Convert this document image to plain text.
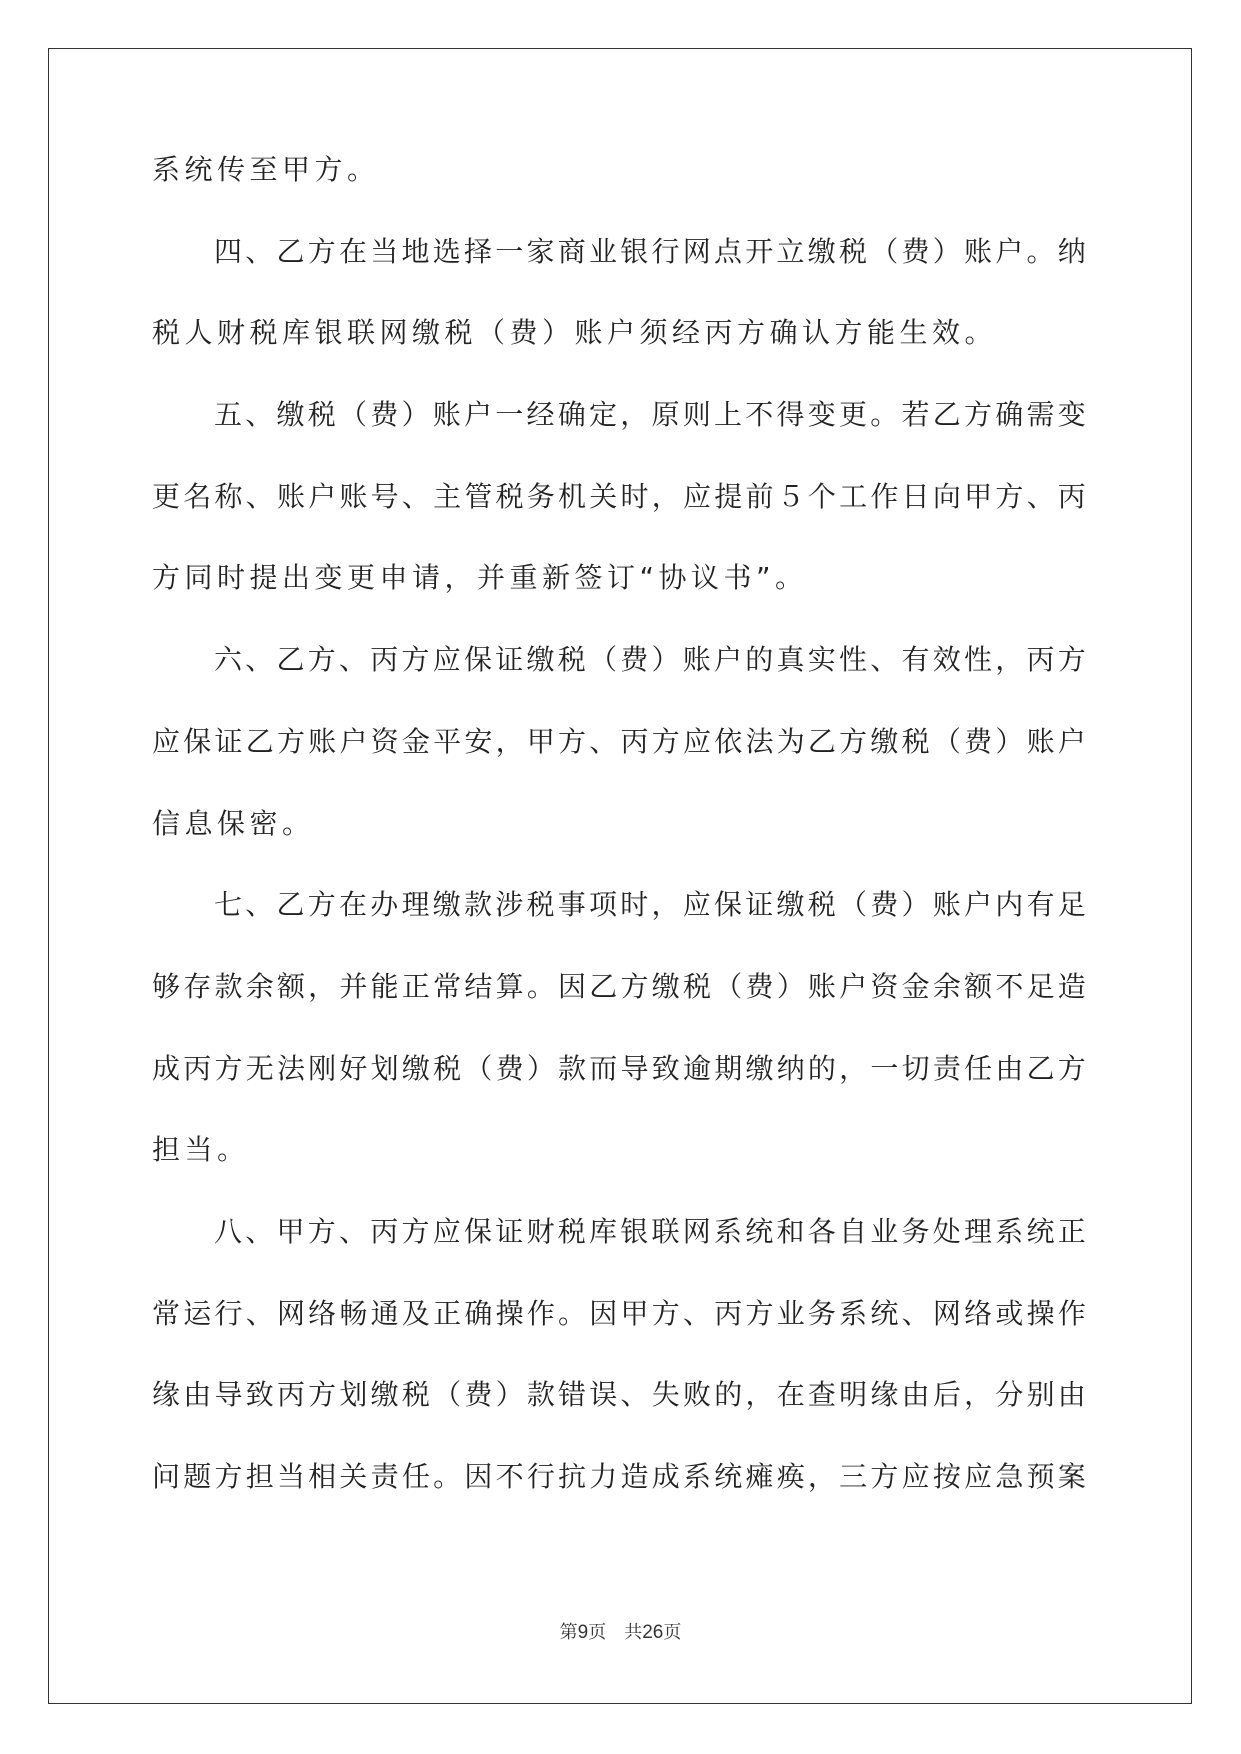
系统传至甲方。
四 、 乙 方 在 当 地 选 择 一 家 商 业 银 行 网 点 开 立 缴 税 （ 费 ） 账 户 。 纳
税人财税库银联网缴税（费）账户须经丙方确认方能生效。
五 、 缴 税 （ 费 ） 账 户 一 经 确 定 ， 原 则 上 不 得 变 更 。 若 乙 方 确 需 变
更 名 称 、 账 户 账 号 、 主 管 税 务 机 关 时 ， 应 提 前 ５ 个 工 作 日 向 甲 方 、 丙
方同时提出变更申请，并重新签订“协议书”。
六 、 乙 方 、 丙 方 应 保 证 缴 税 （ 费 ） 账 户 的 真 实 性 、 有 效 性 ， 丙 方
应 保 证 乙 方 账 户 资 金 平 安 ， 甲 方 、 丙 方 应 依 法 为 乙 方 缴 税 （ 费 ） 账 户
信息保密。
七 、 乙 方 在 办 理 缴 款 涉 税 事 项 时 ， 应 保 证 缴 税 （ 费 ） 账 户 内 有 足
够 存 款 余 额 ， 并 能 正 常 结 算 。 因 乙 方 缴 税 （ 费 ） 账 户 资 金 余 额 不 足 造
成 丙 方 无 法 刚 好 划 缴 税 （ 费 ） 款 而 导 致 逾 期 缴 纳 的 ， 一 切 责 任 由 乙 方
担当。
八 、 甲 方 、 丙 方 应 保 证 财 税 库 银 联 网 系 统 和 各 自 业 务 处 理 系 统 正
常 运 行 、 网 络 畅 通 及 正 确 操 作 。 因 甲 方 、 丙 方 业 务 系 统 、 网 络 或 操 作
缘 由 导 致 丙 方 划 缴 税 （ 费 ） 款 错 误 、 失 败 的 ， 在 查 明 缘 由 后 ， 分 别 由
问 题 方 担 当 相 关 责 任 。 因 不 行 抗 力 造 成 系 统 瘫 痪 ， 三 方 应 按 应 急 预 案
第9页 共26页
